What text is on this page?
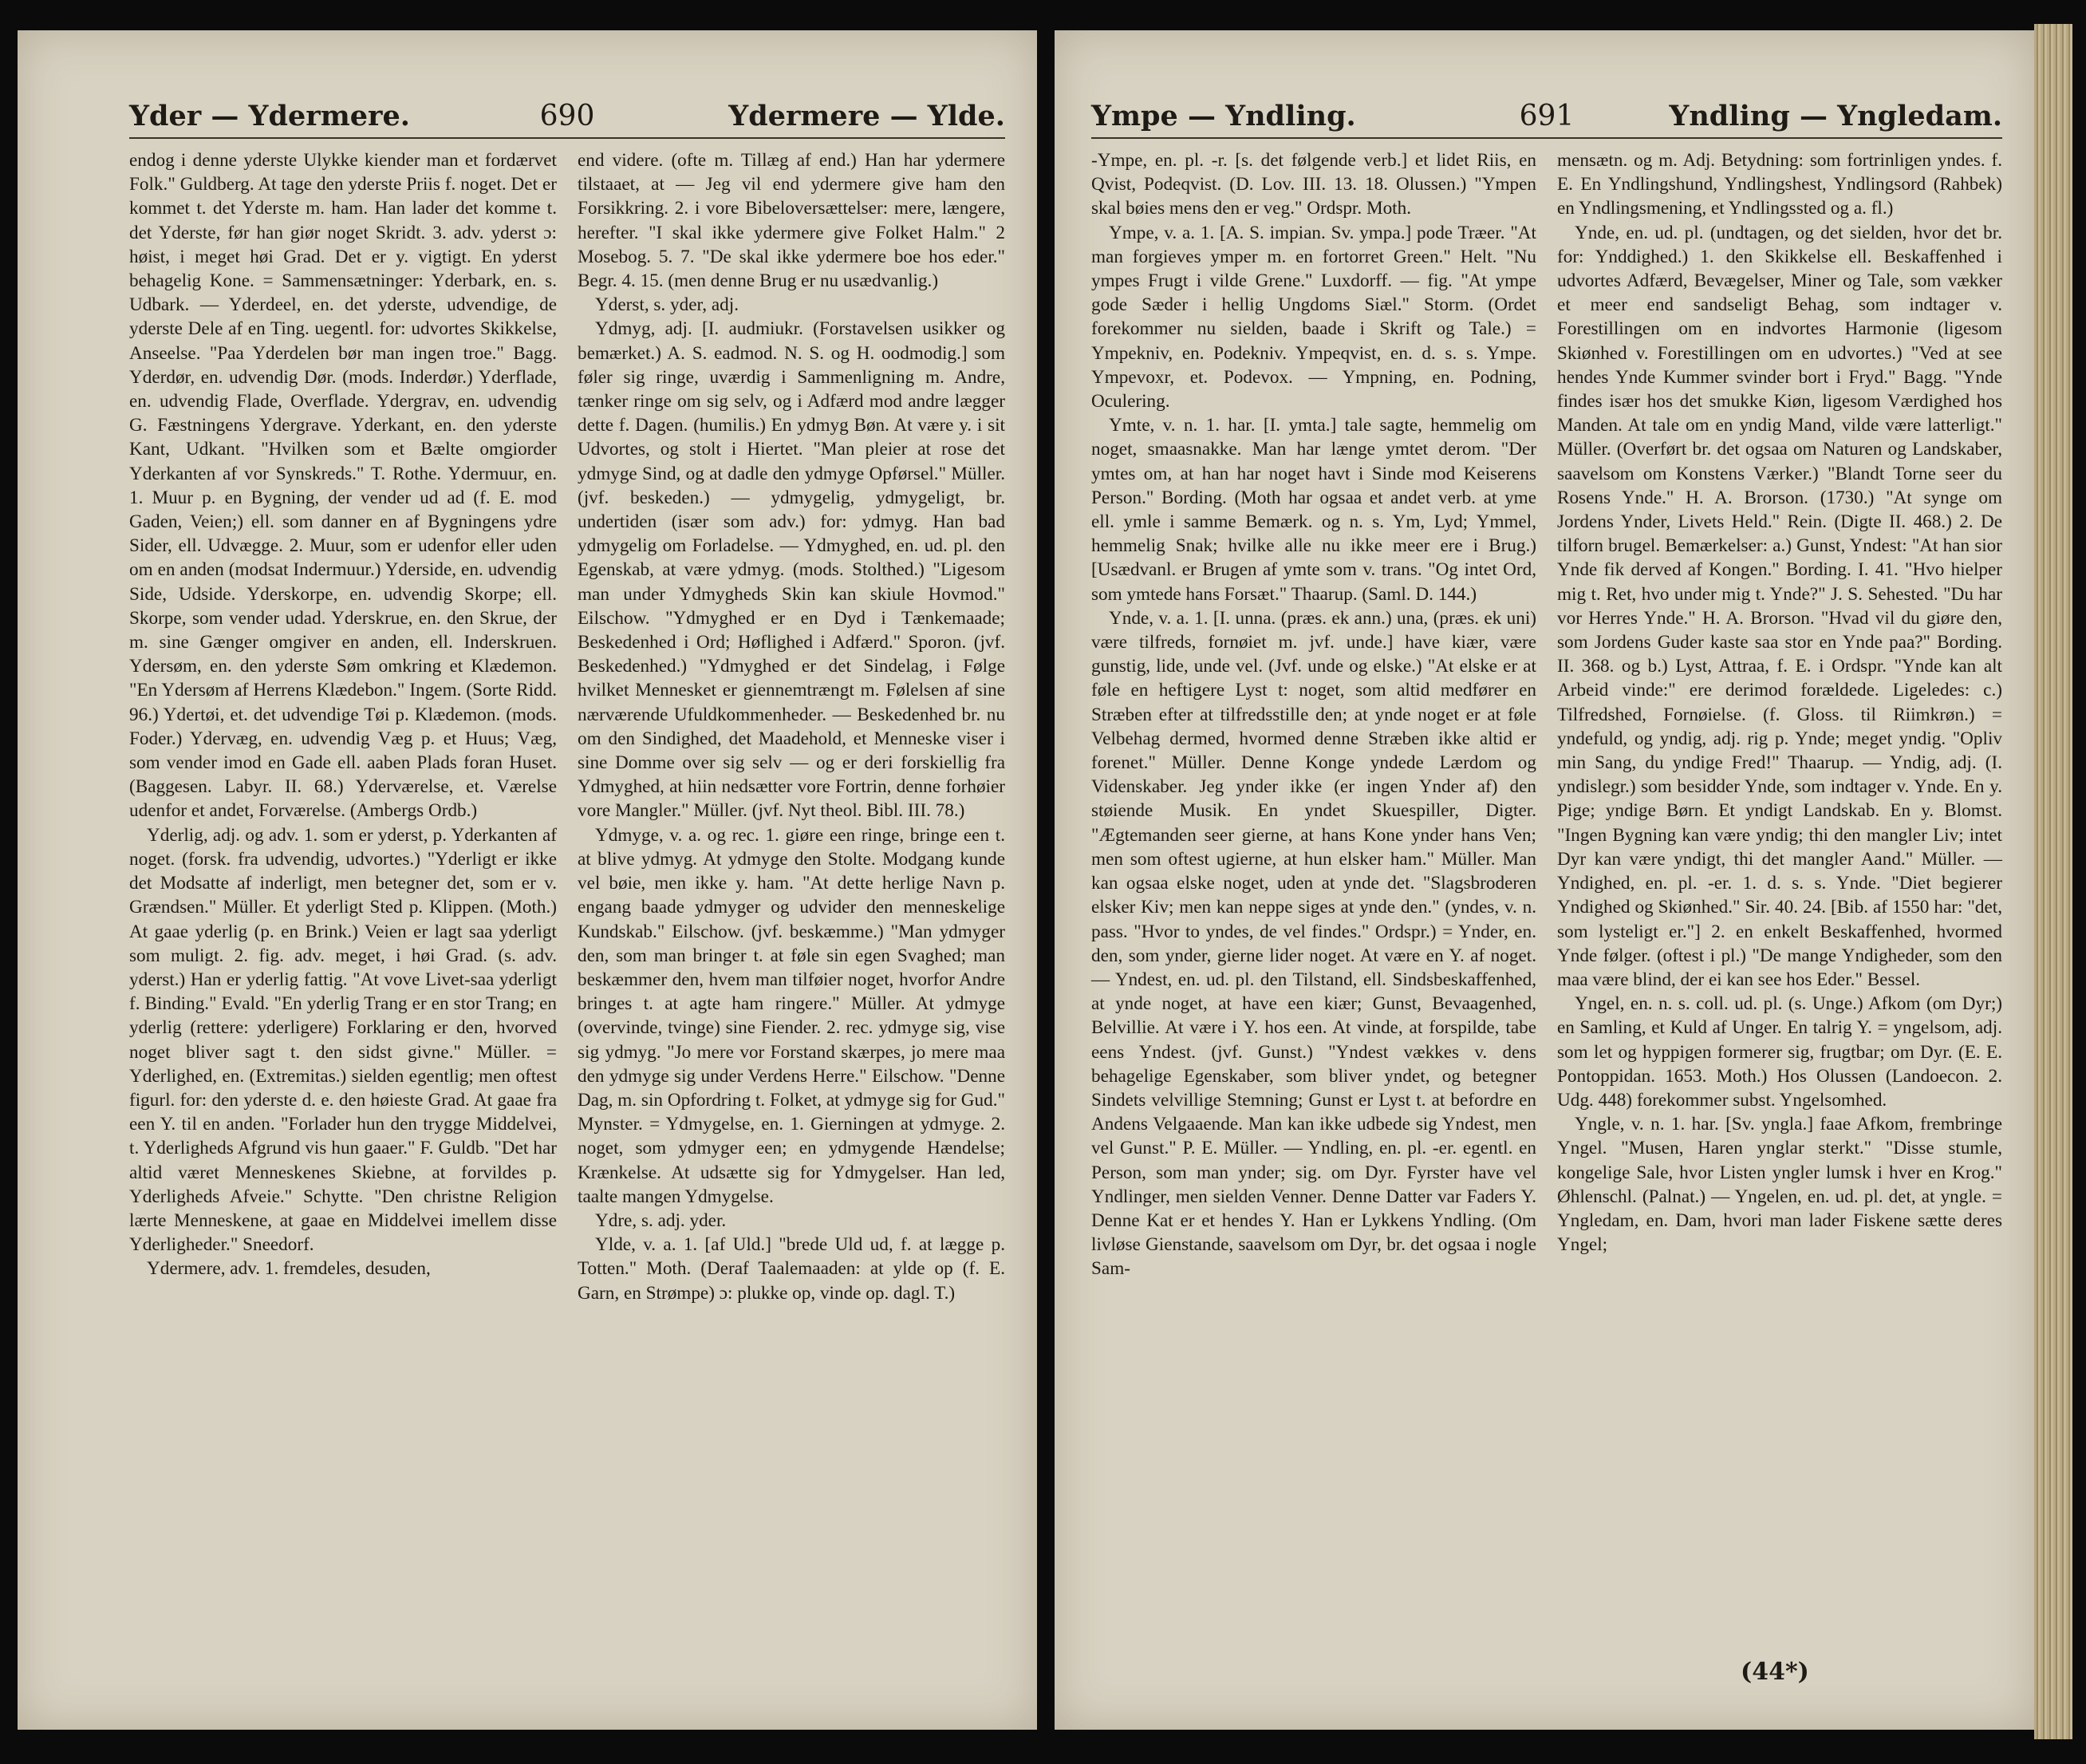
Yder — Ydermere.	690	Ydermere — Ylde.

endog i denne yderste Ulykke kiender man et fordærvet Folk." Guldberg. At tage den yderste Priis f. noget. Det er kommet t. det Yderste m. ham. Han lader det komme t. det Yderste, før han giør noget Skridt. 3. adv. yderst ɔ: høist, i meget høi Grad. Det er y. vigtigt. En yderst behagelig Kone. = Sammensætninger: Yderbark, en. s. Udbark. — Yderdeel, en. det yderste, udvendige, de yderste Dele af en Ting. uegentl. for: udvortes Skikkelse, Anseelse. "Paa Yderdelen bør man ingen troe." Bagg. Yderdør, en. udvendig Dør. (mods. Inderdør.) Yderflade, en. udvendig Flade, Overflade. Ydergrav, en. udvendig G. Fæstningens Ydergrave. Yderkant, en. den yderste Kant, Udkant. "Hvilken som et Bælte omgiorder Yderkanten af vor Synskreds." T. Rothe. Ydermuur, en. 1. Muur p. en Bygning, der vender ud ad (f. E. mod Gaden, Veien;) ell. som danner en af Bygningens ydre Sider, ell. Udvægge. 2. Muur, som er udenfor eller uden om en anden (modsat Indermuur.) Yderside, en. udvendig Side, Udside. Yderskorpe, en. udvendig Skorpe; ell. Skorpe, som vender udad. Yderskrue, en. den Skrue, der m. sine Gænger omgiver en anden, ell. Inderskruen. Ydersøm, en. den yderste Søm omkring et Klædemon. "En Ydersøm af Herrens Klædebon." Ingem. (Sorte Ridd. 96.) Ydertøi, et. det udvendige Tøi p. Klædemon. (mods. Foder.) Ydervæg, en. udvendig Væg p. et Huus; Væg, som vender imod en Gade ell. aaben Plads foran Huset. (Baggesen. Labyr. II. 68.) Yderværelse, et. Værelse udenfor et andet, Forværelse. (Ambergs Ordb.)

Yderlig, adj. og adv. 1. som er yderst, p. Yderkanten af noget. (forsk. fra udvendig, udvortes.) "Yderligt er ikke det Modsatte af inderligt, men betegner det, som er v. Grændsen." Müller. Et yderligt Sted p. Klippen. (Moth.) At gaae yderlig (p. en Brink.) Veien er lagt saa yderligt som muligt. 2. fig. adv. meget, i høi Grad. (s. adv. yderst.) Han er yderlig fattig. "At vove Livet-saa yderligt f. Binding." Evald. "En yderlig Trang er en stor Trang; en yderlig (rettere: yderligere) Forklaring er den, hvorved noget bliver sagt t. den sidst givne." Müller. = Yderlighed, en. (Extremitas.) sielden egentlig; men oftest figurl. for: den yderste d. e. den høieste Grad. At gaae fra een Y. til en anden. "Forlader hun den trygge Middelvei, t. Yderligheds Afgrund vis hun gaaer." F. Guldb. "Det har altid været Menneskenes Skiebne, at forvildes p. Yderligheds Afveie." Schytte. "Den christne Religion lærte Menneskene, at gaae en Middelvei imellem disse Yderligheder." Sneedorf.

Ydermere, adv. 1. fremdeles, desuden,

end videre. (ofte m. Tillæg af end.) Han har ydermere tilstaaet, at — Jeg vil end ydermere give ham den Forsikkring. 2. i vore Bibeloversættelser: mere, længere, herefter. "I skal ikke ydermere give Folket Halm." 2 Mosebog. 5. 7. "De skal ikke ydermere boe hos eder." Begr. 4. 15. (men denne Brug er nu usædvanlig.)

Yderst, s. yder, adj.

Ydmyg, adj. [I. audmiukr. (Forstavelsen usikker og bemærket.) A. S. eadmod. N. S. og H. oodmodig.] som føler sig ringe, uværdig i Sammenligning m. Andre, tænker ringe om sig selv, og i Adfærd mod andre lægger dette f. Dagen. (humilis.) En ydmyg Bøn. At være y. i sit Udvortes, og stolt i Hiertet. "Man pleier at rose det ydmyge Sind, og at dadle den ydmyge Opførsel." Müller. (jvf. beskeden.) — ydmygelig, ydmygeligt, br. undertiden (især som adv.) for: ydmyg. Han bad ydmygelig om Forladelse. — Ydmyghed, en. ud. pl. den Egenskab, at være ydmyg. (mods. Stolthed.) "Ligesom man under Ydmygheds Skin kan skiule Hovmod." Eilschow. "Ydmyghed er en Dyd i Tænkemaade; Beskedenhed i Ord; Høflighed i Adfærd." Sporon. (jvf. Beskedenhed.) "Ydmyghed er det Sindelag, i Følge hvilket Mennesket er giennemtrængt m. Følelsen af sine nærværende Ufuldkommenheder. — Beskedenhed br. nu om den Sindighed, det Maadehold, et Menneske viser i sine Domme over sig selv — og er deri forskiellig fra Ydmyghed, at hiin nedsætter vore Fortrin, denne forhøier vore Mangler." Müller. (jvf. Nyt theol. Bibl. III. 78.)

Ydmyge, v. a. og rec. 1. giøre een ringe, bringe een t. at blive ydmyg. At ydmyge den Stolte. Modgang kunde vel bøie, men ikke y. ham. "At dette herlige Navn p. engang baade ydmyger og udvider den menneskelige Kundskab." Eilschow. (jvf. beskæmme.) "Man ydmyger den, som man bringer t. at føle sin egen Svaghed; man beskæmmer den, hvem man tilføier noget, hvorfor Andre bringes t. at agte ham ringere." Müller. At ydmyge (overvinde, tvinge) sine Fiender. 2. rec. ydmyge sig, vise sig ydmyg. "Jo mere vor Forstand skærpes, jo mere maa den ydmyge sig under Verdens Herre." Eilschow. "Denne Dag, m. sin Opfordring t. Folket, at ydmyge sig for Gud." Mynster. = Ydmygelse, en. 1. Gierningen at ydmyge. 2. noget, som ydmyger een; en ydmygende Hændelse; Krænkelse. At udsætte sig for Ydmygelser. Han led, taalte mangen Ydmygelse.

Ydre, s. adj. yder.

Ylde, v. a. 1. [af Uld.] "brede Uld ud, f. at lægge p. Totten." Moth. (Deraf Taalemaaden: at ylde op (f. E. Garn, en Strømpe) ɔ: plukke op, vinde op. dagl. T.)

Ympe — Yndling.	691	Yndling — Yngledam.

-Ympe, en. pl. -r. [s. det følgende verb.] et lidet Riis, en Qvist, Podeqvist. (D. Lov. III. 13. 18. Olussen.) "Ympen skal bøies mens den er veg." Ordspr. Moth.

Ympe, v. a. 1. [A. S. impian. Sv. ympa.] pode Træer. "At man forgieves ymper m. en fortorret Green." Helt. "Nu ympes Frugt i vilde Grene." Luxdorff. — fig. "At ympe gode Sæder i hellig Ungdoms Siæl." Storm. (Ordet forekommer nu sielden, baade i Skrift og Tale.) = Ympekniv, en. Podekniv. Ympeqvist, en. d. s. s. Ympe. Ympevoxr, et. Podevox. — Ympning, en. Podning, Oculering.

Ymte, v. n. 1. har. [I. ymta.] tale sagte, hemmelig om noget, smaasnakke. Man har længe ymtet derom. "Der ymtes om, at han har noget havt i Sinde mod Keiserens Person." Bording. (Moth har ogsaa et andet verb. at yme ell. ymle i samme Bemærk. og n. s. Ym, Lyd; Ymmel, hemmelig Snak; hvilke alle nu ikke meer ere i Brug.) [Usædvanl. er Brugen af ymte som v. trans. "Og intet Ord, som ymtede hans Forsæt." Thaarup. (Saml. D. 144.)

Ynde, v. a. 1. [I. unna. (præs. ek ann.) una, (præs. ek uni) være tilfreds, fornøiet m. jvf. unde.] have kiær, være gunstig, lide, unde vel. (Jvf. unde og elske.) "At elske er at føle en heftigere Lyst t: noget, som altid medfører en Stræben efter at tilfredsstille den; at ynde noget er at føle Velbehag dermed, hvormed denne Stræben ikke altid er forenet." Müller. Denne Konge yndede Lærdom og Videnskaber. Jeg ynder ikke (er ingen Ynder af) den støiende Musik. En yndet Skuespiller, Digter. "Ægtemanden seer gierne, at hans Kone ynder hans Ven; men som oftest ugierne, at hun elsker ham." Müller. Man kan ogsaa elske noget, uden at ynde det. "Slagsbroderen elsker Kiv; men kan neppe siges at ynde den." (yndes, v. n. pass. "Hvor to yndes, de vel findes." Ordspr.) = Ynder, en. den, som ynder, gierne lider noget. At være en Y. af noget. — Yndest, en. ud. pl. den Tilstand, ell. Sindsbeskaffenhed, at ynde noget, at have een kiær; Gunst, Bevaagenhed, Belvillie. At være i Y. hos een. At vinde, at forspilde, tabe eens Yndest. (jvf. Gunst.) "Yndest vækkes v. dens behagelige Egenskaber, som bliver yndet, og betegner Sindets velvillige Stemning; Gunst er Lyst t. at befordre en Andens Velgaaende. Man kan ikke udbede sig Yndest, men vel Gunst." P. E. Müller. — Yndling, en. pl. -er. egentl. en Person, som man ynder; sig. om Dyr. Fyrster have vel Yndlinger, men sielden Venner. Denne Datter var Faders Y. Denne Kat er et hendes Y. Han er Lykkens Yndling. (Om livløse Gienstande, saavelsom om Dyr, br. det ogsaa i nogle Sam-

mensætn. og m. Adj. Betydning: som fortrinligen yndes. f. E. En Yndlingshund, Yndlingshest, Yndlingsord (Rahbek) en Yndlingsmening, et Yndlingssted og a. fl.)

Ynde, en. ud. pl. (undtagen, og det sielden, hvor det br. for: Ynddighed.) 1. den Skikkelse ell. Beskaffenhed i udvortes Adfærd, Bevægelser, Miner og Tale, som vækker et meer end sandseligt Behag, som indtager v. Forestillingen om en indvortes Harmonie (ligesom Skiønhed v. Forestillingen om en udvortes.) "Ved at see hendes Ynde Kummer svinder bort i Fryd." Bagg. "Ynde findes især hos det smukke Kiøn, ligesom Værdighed hos Manden. At tale om en yndig Mand, vilde være latterligt." Müller. (Overført br. det ogsaa om Naturen og Landskaber, saavelsom om Konstens Værker.) "Blandt Torne seer du Rosens Ynde." H. A. Brorson. (1730.) "At synge om Jordens Ynder, Livets Held." Rein. (Digte II. 468.) 2. De tilforn brugel. Bemærkelser: a.) Gunst, Yndest: "At han sior Ynde fik derved af Kongen." Bording. I. 41. "Hvo hielper mig t. Ret, hvo under mig t. Ynde?" J. S. Sehested. "Du har vor Herres Ynde." H. A. Brorson. "Hvad vil du giøre den, som Jordens Guder kaste saa stor en Ynde paa?" Bording. II. 368. og b.) Lyst, Attraa, f. E. i Ordspr. "Ynde kan alt Arbeid vinde:" ere derimod forældede. Ligeledes: c.) Tilfredshed, Fornøielse. (f. Gloss. til Riimkrøn.) = yndefuld, og yndig, adj. rig p. Ynde; meget yndig. "Opliv min Sang, du yndige Fred!" Thaarup. — Yndig, adj. (I. yndislegr.) som besidder Ynde, som indtager v. Ynde. En y. Pige; yndige Børn. Et yndigt Landskab. En y. Blomst. "Ingen Bygning kan være yndig; thi den mangler Liv; intet Dyr kan være yndigt, thi det mangler Aand." Müller. — Yndighed, en. pl. -er. 1. d. s. s. Ynde. "Diet begierer Yndighed og Skiønhed." Sir. 40. 24. [Bib. af 1550 har: "det, som lysteligt er."] 2. en enkelt Beskaffenhed, hvormed Ynde følger. (oftest i pl.) "De mange Yndigheder, som den maa være blind, der ei kan see hos Eder." Bessel.

Yngel, en. n. s. coll. ud. pl. (s. Unge.) Afkom (om Dyr;) en Samling, et Kuld af Unger. En talrig Y. = yngelsom, adj. som let og hyppigen formerer sig, frugtbar; om Dyr. (E. E. Pontoppidan. 1653. Moth.) Hos Olussen (Landoecon. 2. Udg. 448) forekommer subst. Yngelsomhed.

Yngle, v. n. 1. har. [Sv. yngla.] faae Afkom, frembringe Yngel. "Musen, Haren ynglar sterkt." "Disse stumle, kongelige Sale, hvor Listen yngler lumsk i hver en Krog." Øhlenschl. (Palnat.) — Yngelen, en. ud. pl. det, at yngle. = Yngledam, en. Dam, hvori man lader Fiskene sætte deres Yngel;

(44*)
